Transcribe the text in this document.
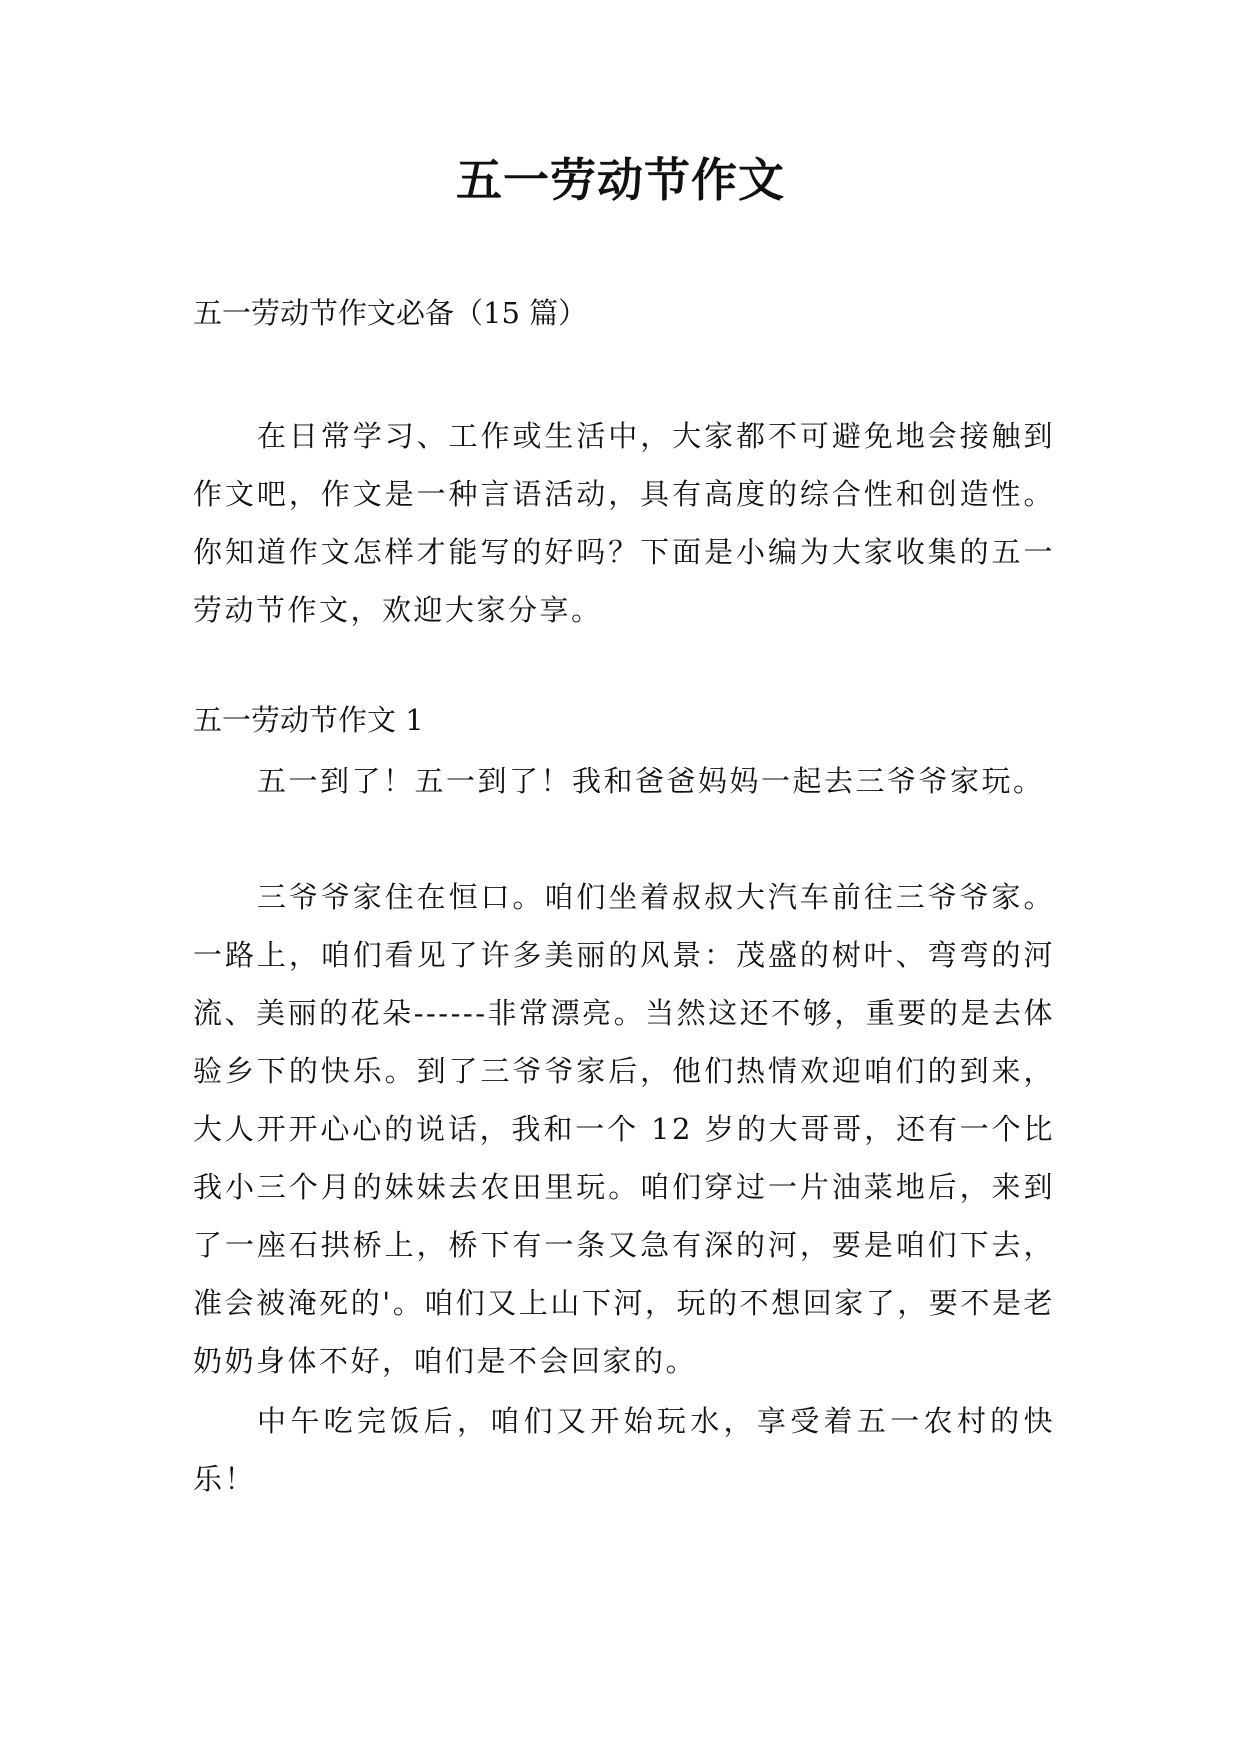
五一劳动节作文

五一劳动节作文必备（15 篇）

在日常学习、工作或生活中，大家都不可避免地会接触到作文吧，作文是一种言语活动，具有高度的综合性和创造性。你知道作文怎样才能写的好吗？下面是小编为大家收集的五一劳动节作文，欢迎大家分享。

五一劳动节作文 1

五一到了！五一到了！我和爸爸妈妈一起去三爷爷家玩。

三爷爷家住在恒口。咱们坐着叔叔大汽车前往三爷爷家。一路上，咱们看见了许多美丽的风景：茂盛的树叶、弯弯的河流、美丽的花朵------非常漂亮。当然这还不够，重要的是去体验乡下的快乐。到了三爷爷家后，他们热情欢迎咱们的到来，大人开开心心的说话，我和一个 12 岁的大哥哥，还有一个比我小三个月的妹妹去农田里玩。咱们穿过一片油菜地后，来到了一座石拱桥上，桥下有一条又急有深的河，要是咱们下去，准会被淹死的'。咱们又上山下河，玩的不想回家了，要不是老奶奶身体不好，咱们是不会回家的。

中午吃完饭后，咱们又开始玩水，享受着五一农村的快乐！
